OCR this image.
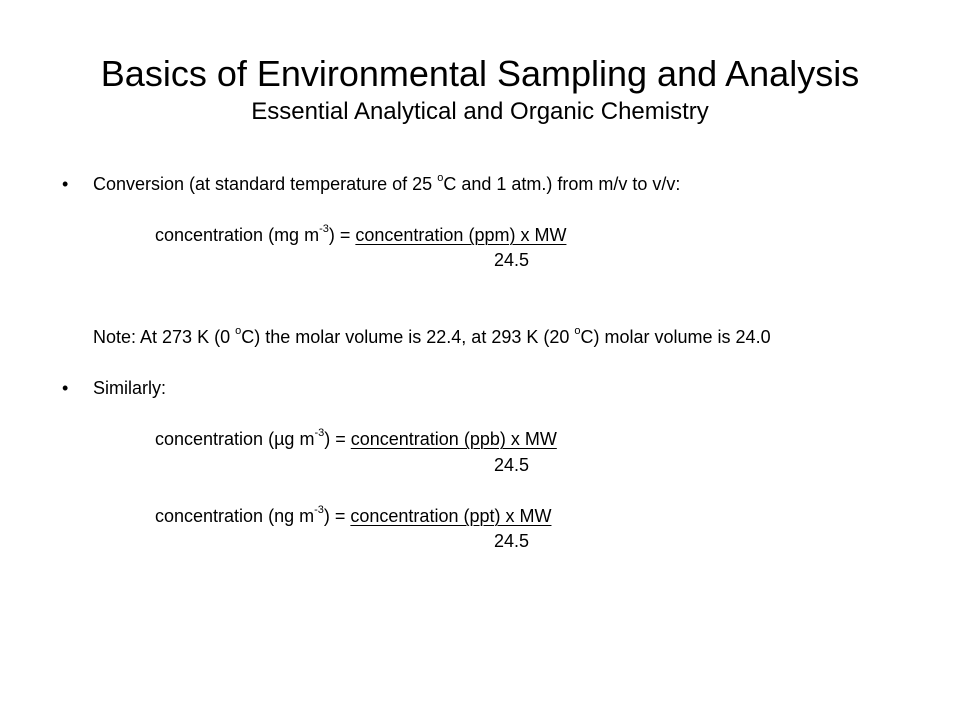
Basics of Environmental Sampling and Analysis
Essential Analytical and Organic Chemistry
• Conversion (at standard temperature of 25 $^o$C and 1 atm.) from m/v to v/v:
concentration (mg $m^{-3}$) = concentration (ppm) x MW
24.5
Note: At 273 K (0 $^o$C) the molar volume is 22.4, at 293 K (20 $^o$C) molar volume is 24.0
• Similarly:
concentration (µg $m^{-3}$) = concentration (ppb) x MW
24.5
concentration (ng $m^{-3}$) = concentration (ppt) x MW
24.5
